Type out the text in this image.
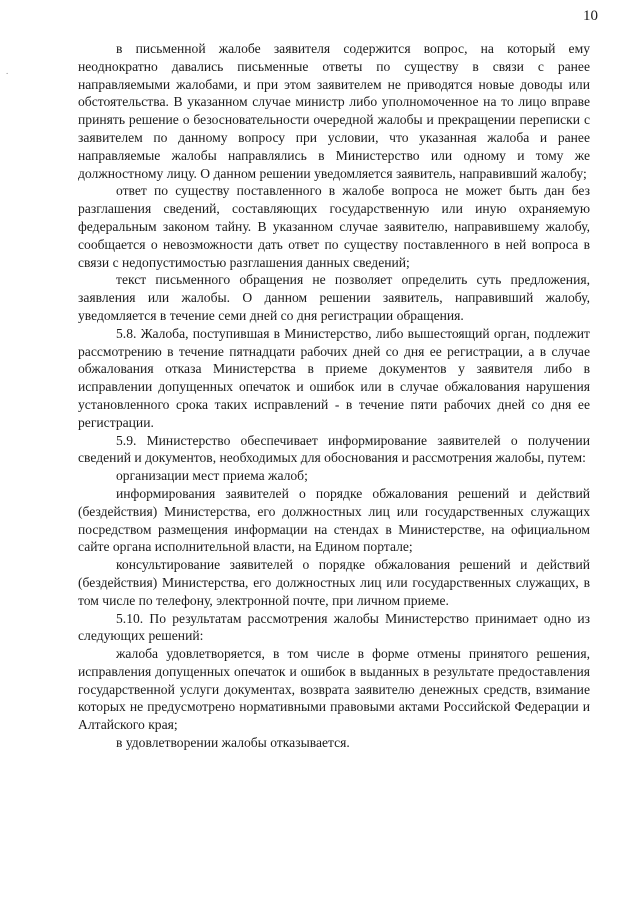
10
.

в письменной жалобе заявителя содержится вопрос, на который ему неоднократно давались письменные ответы по существу в связи с ранее направляемыми жалобами, и при этом заявителем не приводятся новые доводы или обстоятельства. В указанном случае министр либо уполномоченное на то лицо вправе принять решение о безосновательности очередной жалобы и прекращении переписки с заявителем по данному вопросу при условии, что указанная жалоба и ранее направляемые жалобы направлялись в Министерство или одному и тому же должностному лицу. О данном решении уведомляется заявитель, направивший жалобу;

ответ по существу поставленного в жалобе вопроса не может быть дан без разглашения сведений, составляющих государственную или иную охраняемую федеральным законом тайну. В указанном случае заявителю, направившему жалобу, сообщается о невозможности дать ответ по существу поставленного в ней вопроса в связи с недопустимостью разглашения данных сведений;

текст письменного обращения не позволяет определить суть предложения, заявления или жалобы. О данном решении заявитель, направивший жалобу, уведомляется в течение семи дней со дня регистрации обращения.

5.8. Жалоба, поступившая в Министерство, либо вышестоящий орган, подлежит рассмотрению в течение пятнадцати рабочих дней со дня ее регистрации, а в случае обжалования отказа Министерства в приеме документов у заявителя либо в исправлении допущенных опечаток и ошибок или в случае обжалования нарушения установленного срока таких исправлений - в течение пяти рабочих дней со дня ее регистрации.

5.9. Министерство обеспечивает информирование заявителей о получении сведений и документов, необходимых для обоснования и рассмотрения жалобы, путем:

организации мест приема жалоб;

информирования заявителей о порядке обжалования решений и действий (бездействия) Министерства, его должностных лиц или государственных служащих посредством размещения информации на стендах в Министерстве, на официальном сайте органа исполнительной власти, на Едином портале;

консультирование заявителей о порядке обжалования решений и действий (бездействия) Министерства, его должностных лиц или государственных служащих, в том числе по телефону, электронной почте, при личном приеме.

5.10. По результатам рассмотрения жалобы Министерство принимает одно из следующих решений:

жалоба удовлетворяется, в том числе в форме отмены принятого решения, исправления допущенных опечаток и ошибок в выданных в результате предоставления государственной услуги документах, возврата заявителю денежных средств, взимание которых не предусмотрено нормативными правовыми актами Российской Федерации и Алтайского края;

в удовлетворении жалобы отказывается.
